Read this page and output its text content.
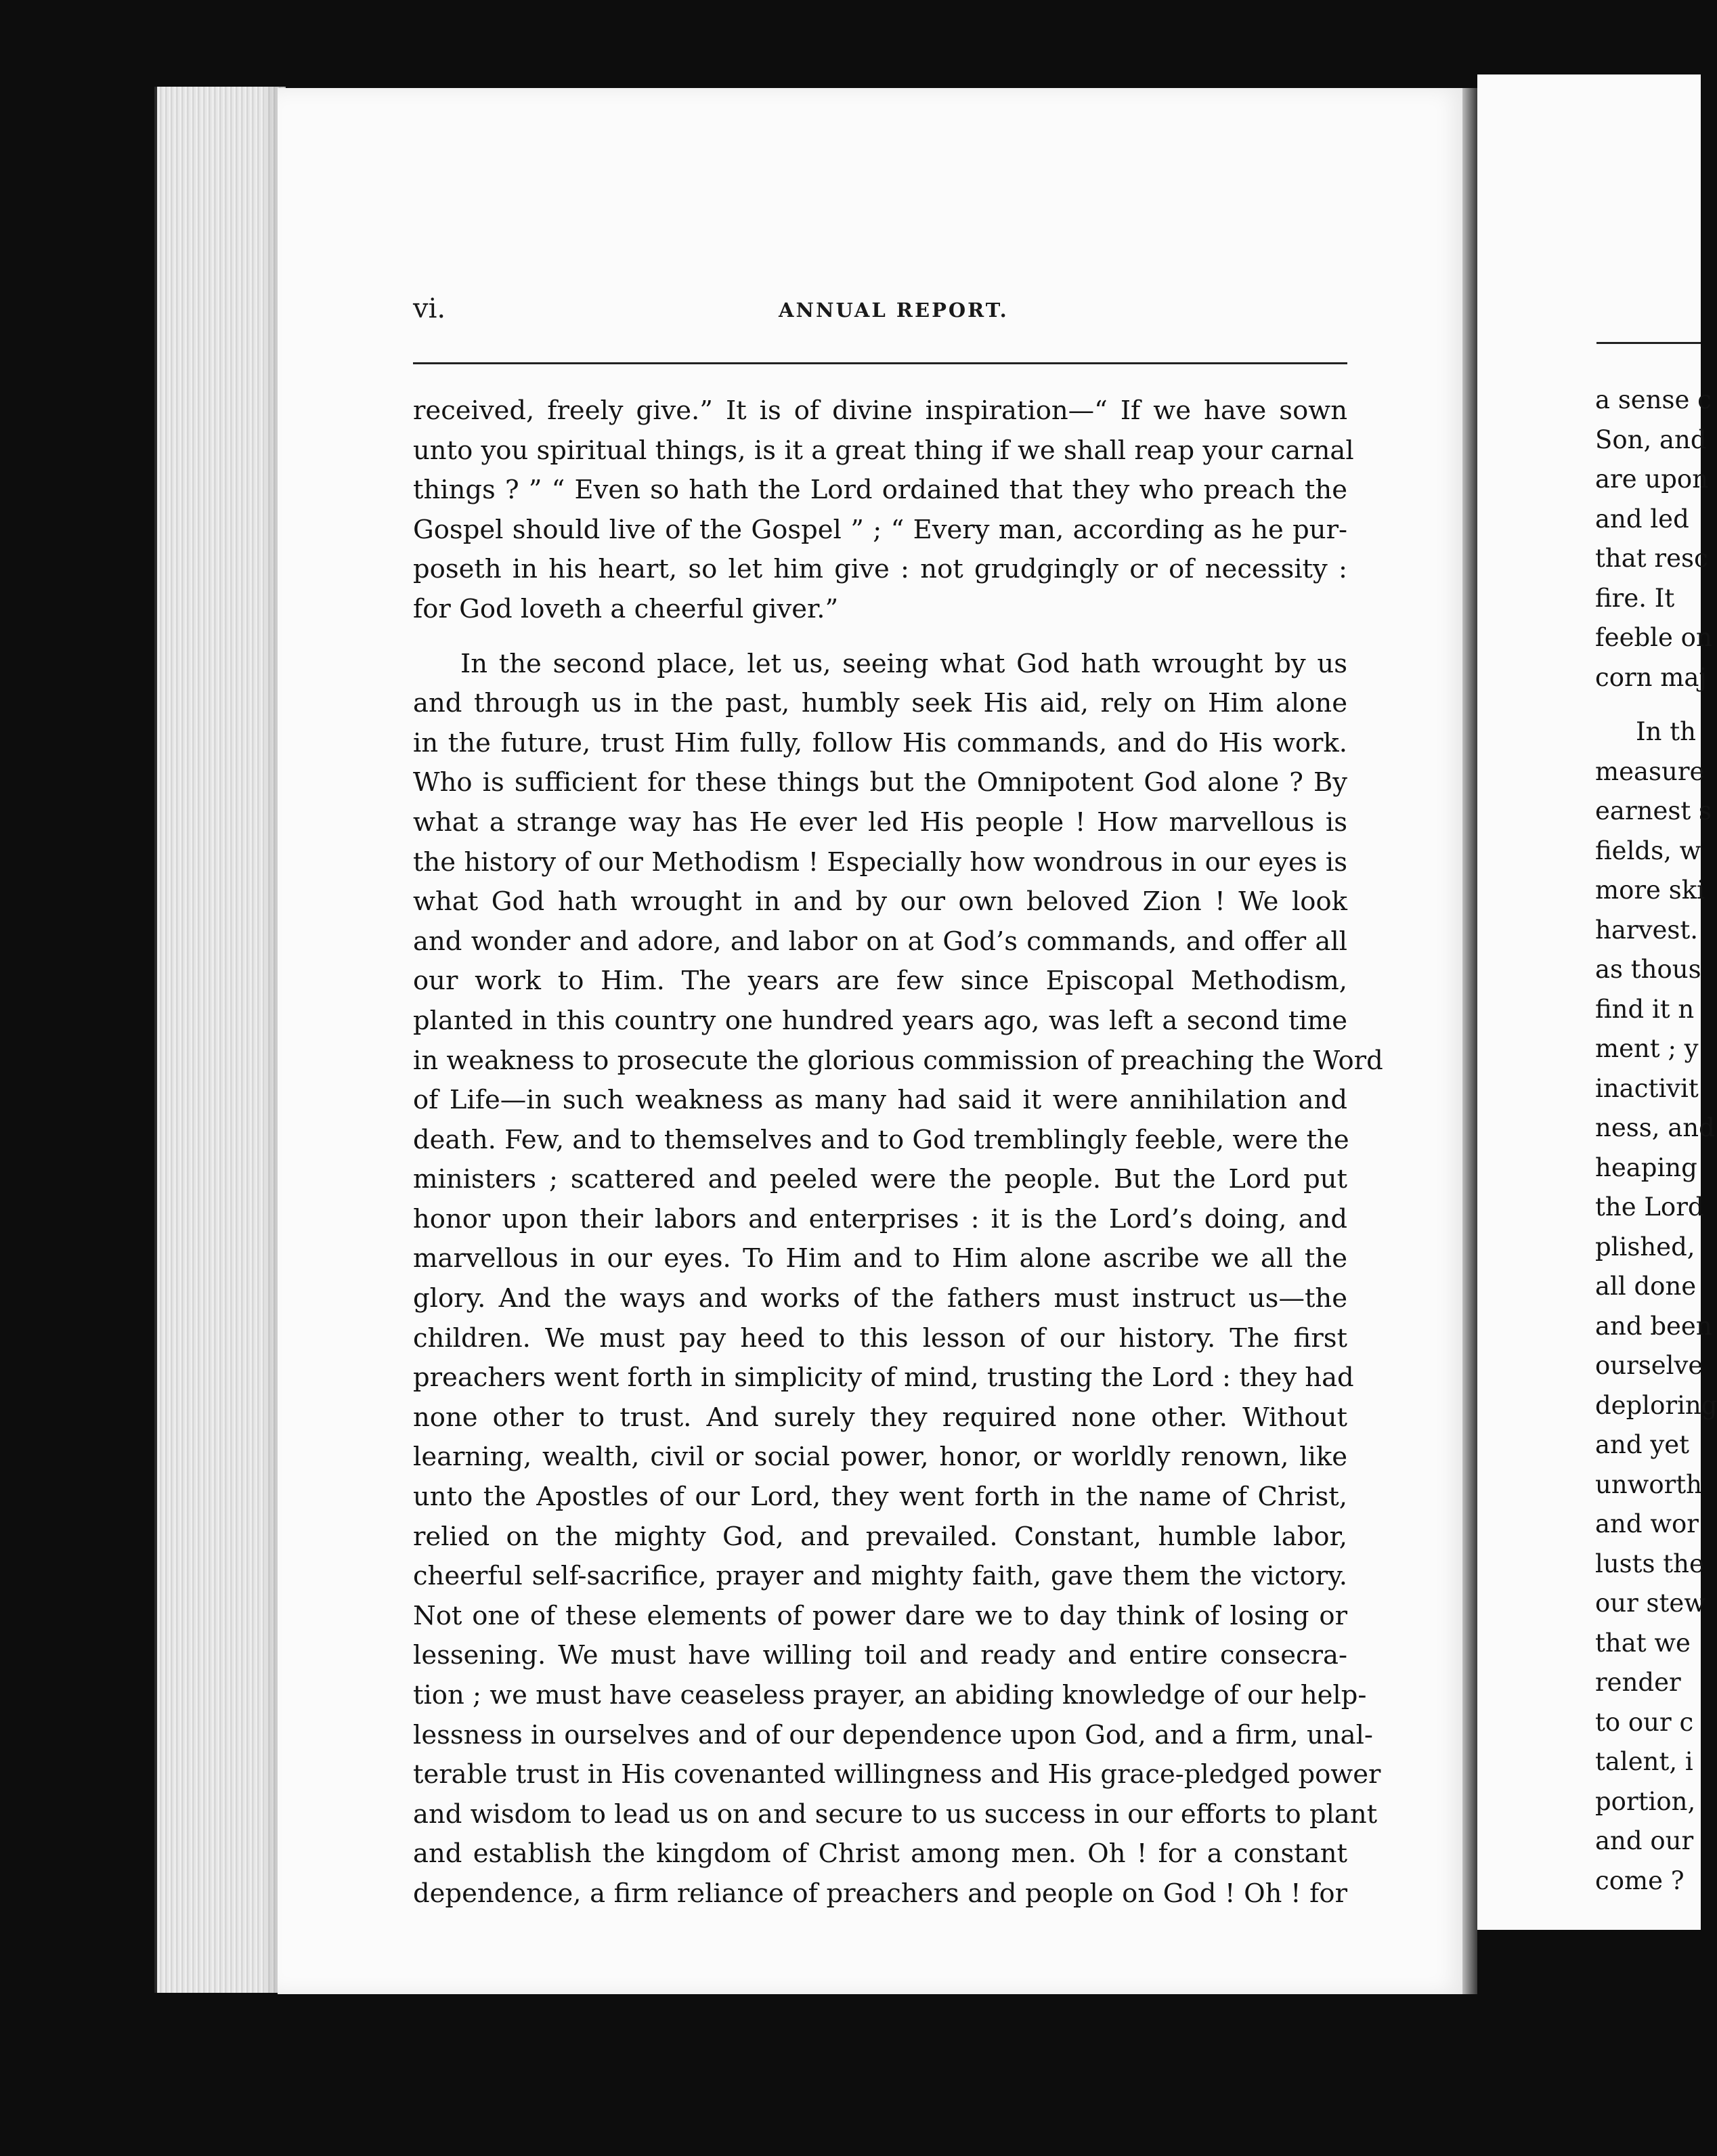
vi.	ANNUAL REPORT.
received, freely give.” It is of divine inspiration—“ If we have sown
unto you spiritual things, is it a great thing if we shall reap your carnal
things ? ” “ Even so hath the Lord ordained that they who preach the
Gospel should live of the Gospel ” ; “ Every man, according as he pur-
poseth in his heart, so let him give : not grudgingly or of necessity :
for God loveth a cheerful giver.”
In the second place, let us, seeing what God hath wrought by us
and through us in the past, humbly seek His aid, rely on Him alone
in the future, trust Him fully, follow His commands, and do His work.
Who is sufficient for these things but the Omnipotent God alone ? By
what a strange way has He ever led His people ! How marvellous is
the history of our Methodism ! Especially how wondrous in our eyes is
what God hath wrought in and by our own beloved Zion ! We look
and wonder and adore, and labor on at God’s commands, and offer all
our work to Him. The years are few since Episcopal Methodism,
planted in this country one hundred years ago, was left a second time
in weakness to prosecute the glorious commission of preaching the Word
of Life—in such weakness as many had said it were annihilation and
death. Few, and to themselves and to God tremblingly feeble, were the
ministers ; scattered and peeled were the people. But the Lord put
honor upon their labors and enterprises : it is the Lord’s doing, and
marvellous in our eyes. To Him and to Him alone ascribe we all the
glory. And the ways and works of the fathers must instruct us—the
children. We must pay heed to this lesson of our history. The first
preachers went forth in simplicity of mind, trusting the Lord : they had
none other to trust. And surely they required none other. Without
learning, wealth, civil or social power, honor, or worldly renown, like
unto the Apostles of our Lord, they went forth in the name of Christ,
relied on the mighty God, and prevailed. Constant, humble labor,
cheerful self-sacrifice, prayer and mighty faith, gave them the victory.
Not one of these elements of power dare we to day think of losing or
lessening. We must have willing toil and ready and entire consecra-
tion ; we must have ceaseless prayer, an abiding knowledge of our help-
lessness in ourselves and of our dependence upon God, and a firm, unal-
terable trust in His covenanted willingness and His grace-pledged power
and wisdom to lead us on and secure to us success in our efforts to plant
and establish the kingdom of Christ among men. Oh ! for a constant
dependence, a firm reliance of preachers and people on God ! Oh ! for
a sense c
Son, and
are upon
and led
that resc
fire. It
feeble on
corn maj
In th
measure
earnest s
fields, w
more ski
harvest.
as thous
find it n
ment ; y
inactivit
ness, and
heaping
the Lord
plished,
all done
and been
ourselve
deploring
and yet
unworth
and wor
lusts the
our stew
that we
render
to our c
talent, i
portion,
and our
come ?
